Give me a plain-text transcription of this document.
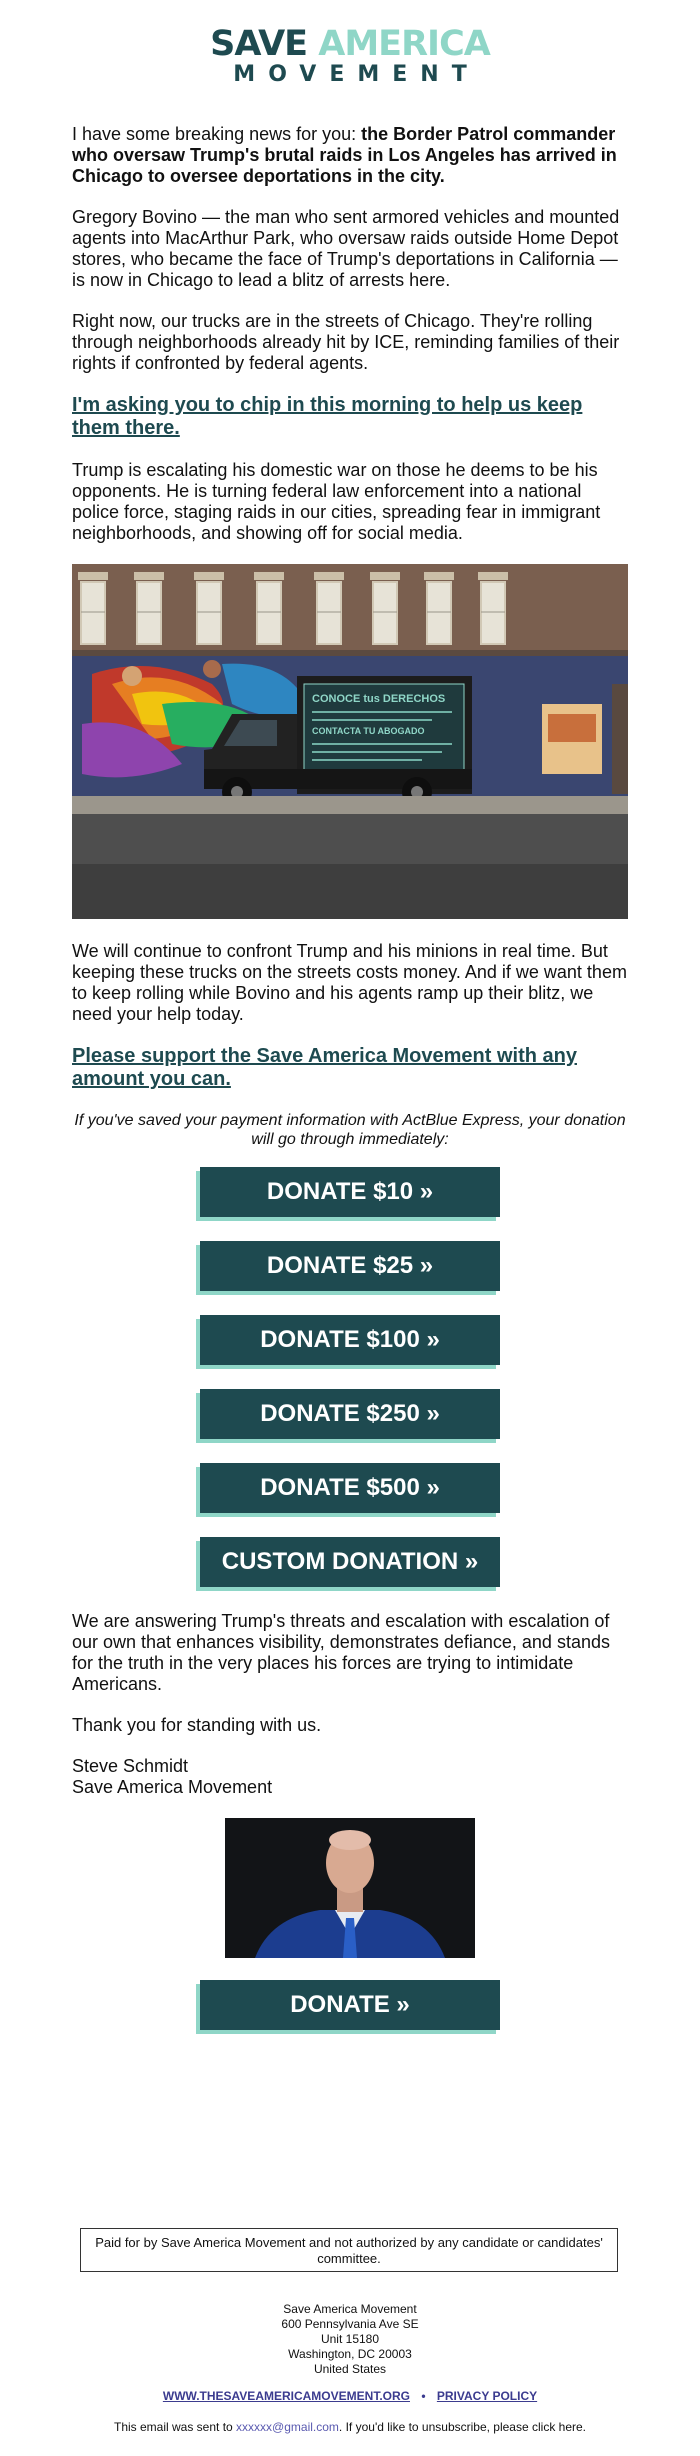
SAVE AMERICA
MOVEMENT

I have some breaking news for you: the Border Patrol commander who oversaw Trump's brutal raids in Los Angeles has arrived in Chicago to oversee deportations in the city.

Gregory Bovino — the man who sent armored vehicles and mounted agents into MacArthur Park, who oversaw raids outside Home Depot stores, who became the face of Trump's deportations in California — is now in Chicago to lead a blitz of arrests here.

Right now, our trucks are in the streets of Chicago. They're rolling through neighborhoods already hit by ICE, reminding families of their rights if confronted by federal agents.

I'm asking you to chip in this morning to help us keep them there.

Trump is escalating his domestic war on those he deems to be his opponents. He is turning federal law enforcement into a national police force, staging raids in our cities, spreading fear in immigrant neighborhoods, and showing off for social media.

CONOCE tus DERECHOS
CONTACTA TU ABOGADO

We will continue to confront Trump and his minions in real time. But keeping these trucks on the streets costs money. And if we want them to keep rolling while Bovino and his agents ramp up their blitz, we need your help today.

Please support the Save America Movement with any amount you can.

If you've saved your payment information with ActBlue Express, your donation will go through immediately:

DONATE $10 »
DONATE $25 »
DONATE $100 »
DONATE $250 »
DONATE $500 »
CUSTOM DONATION »

We are answering Trump's threats and escalation with escalation of our own that enhances visibility, demonstrates defiance, and stands for the truth in the very places his forces are trying to intimidate Americans.

Thank you for standing with us.

Steve Schmidt
Save America Movement
DONATE »
Paid for by Save America Movement and not authorized by any candidate or candidates' committee.
Save America Movement
600 Pennsylvania Ave SE
Unit 15180
Washington, DC 20003
United States
WWW.THESAVEAMERICAMOVEMENT.ORG • PRIVACY POLICY
This email was sent to xxxxxx@gmail.com. If you'd like to unsubscribe, please click here.
